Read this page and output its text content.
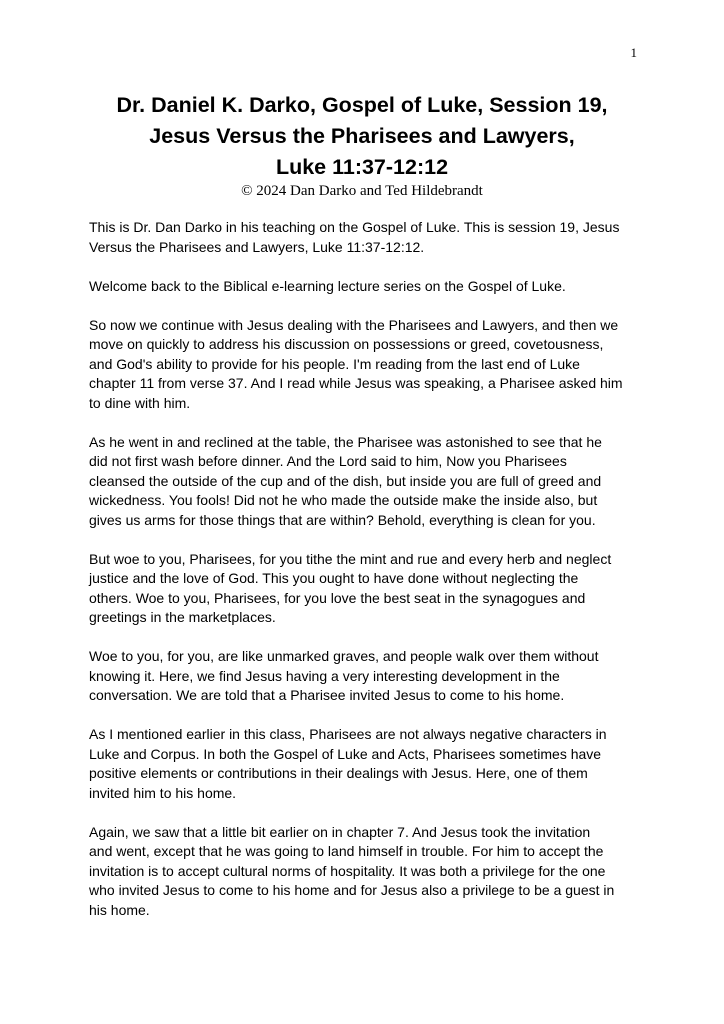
1
Dr. Daniel K. Darko, Gospel of Luke, Session 19,
Jesus Versus the Pharisees and Lawyers,
Luke 11:37-12:12
© 2024 Dan Darko and Ted Hildebrandt

This is Dr. Dan Darko in his teaching on the Gospel of Luke. This is session 19, Jesus
Versus the Pharisees and Lawyers, Luke 11:37-12:12.

Welcome back to the Biblical e-learning lecture series on the Gospel of Luke.

So now we continue with Jesus dealing with the Pharisees and Lawyers, and then we
move on quickly to address his discussion on possessions or greed, covetousness,
and God's ability to provide for his people. I'm reading from the last end of Luke
chapter 11 from verse 37. And I read while Jesus was speaking, a Pharisee asked him
to dine with him.

As he went in and reclined at the table, the Pharisee was astonished to see that he
did not first wash before dinner. And the Lord said to him, Now you Pharisees
cleansed the outside of the cup and of the dish, but inside you are full of greed and
wickedness. You fools! Did not he who made the outside make the inside also, but
gives us arms for those things that are within? Behold, everything is clean for you.

But woe to you, Pharisees, for you tithe the mint and rue and every herb and neglect
justice and the love of God. This you ought to have done without neglecting the
others. Woe to you, Pharisees, for you love the best seat in the synagogues and
greetings in the marketplaces.

Woe to you, for you, are like unmarked graves, and people walk over them without
knowing it. Here, we find Jesus having a very interesting development in the
conversation. We are told that a Pharisee invited Jesus to come to his home.

As I mentioned earlier in this class, Pharisees are not always negative characters in
Luke and Corpus. In both the Gospel of Luke and Acts, Pharisees sometimes have
positive elements or contributions in their dealings with Jesus. Here, one of them
invited him to his home.

Again, we saw that a little bit earlier on in chapter 7. And Jesus took the invitation
and went, except that he was going to land himself in trouble. For him to accept the
invitation is to accept cultural norms of hospitality. It was both a privilege for the one
who invited Jesus to come to his home and for Jesus also a privilege to be a guest in
his home.
